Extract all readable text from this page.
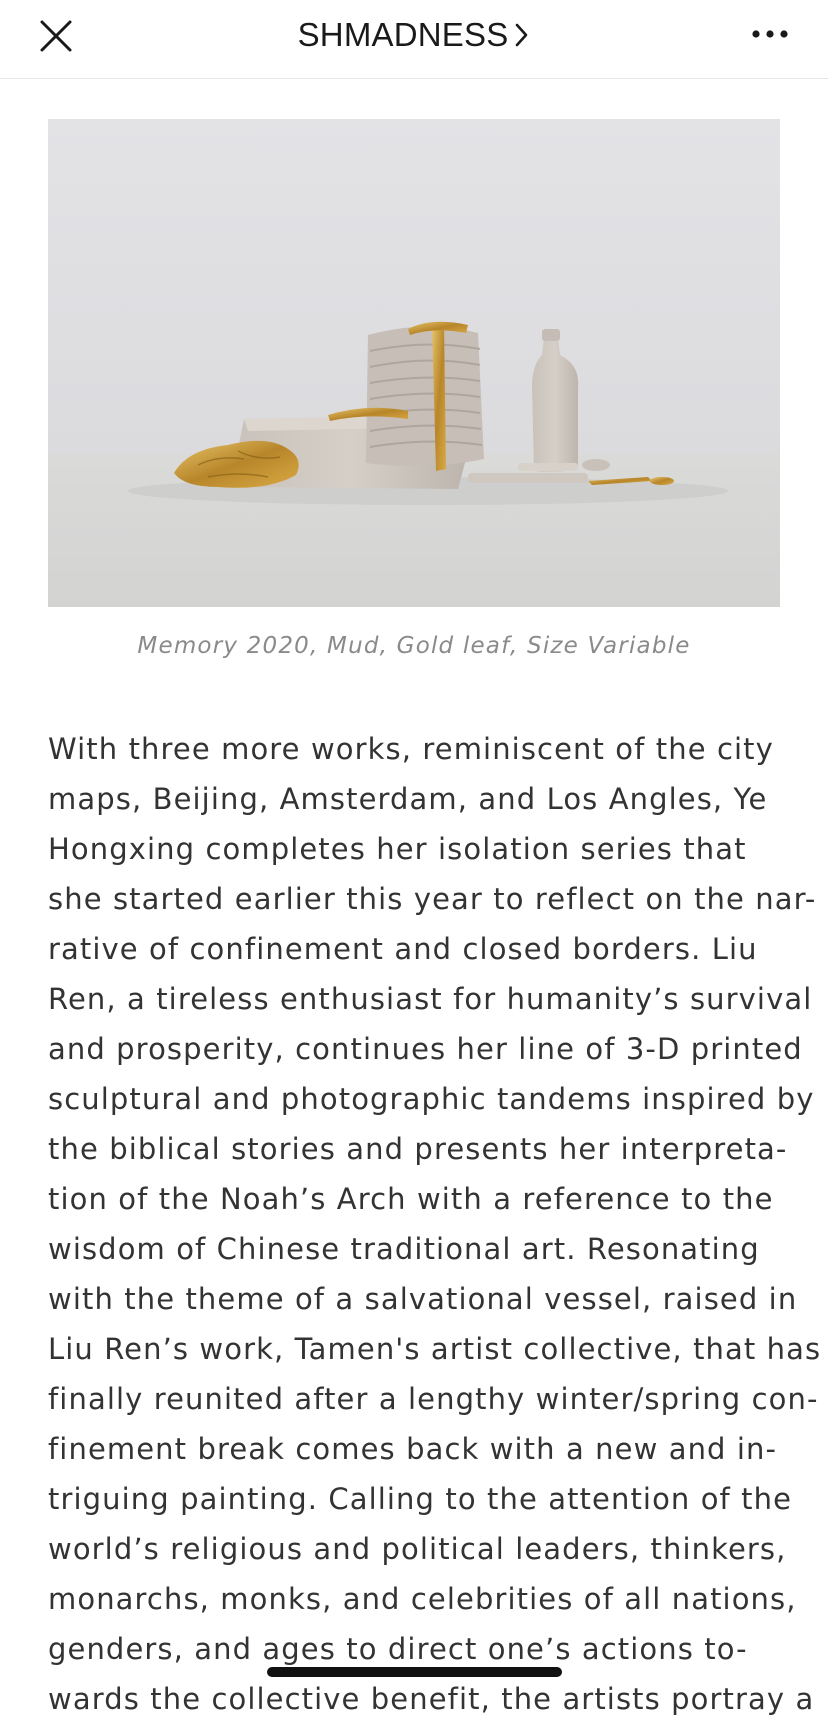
SHMADNESS
Memory 2020, Mud, Gold leaf, Size Variable

With three more works, reminiscent of the city
maps, Beijing, Amsterdam, and Los Angles, Ye
Hongxing completes her isolation series that
she started earlier this year to reflect on the nar-
rative of confinement and closed borders. Liu
Ren, a tireless enthusiast for humanity’s survival
and prosperity, continues her line of 3-D printed
sculptural and photographic tandems inspired by
the biblical stories and presents her interpreta-
tion of the Noah’s Arch with a reference to the
wisdom of Chinese traditional art. Resonating
with the theme of a salvational vessel, raised in
Liu Ren’s work, Tamen's artist collective, that has
finally reunited after a lengthy winter/spring con-
finement break comes back with a new and in-
triguing painting. Calling to the attention of the
world’s religious and political leaders, thinkers,
monarchs, monks, and celebrities of all nations,
genders, and ages to direct one’s actions to-
wards the collective benefit, the artists portray a
